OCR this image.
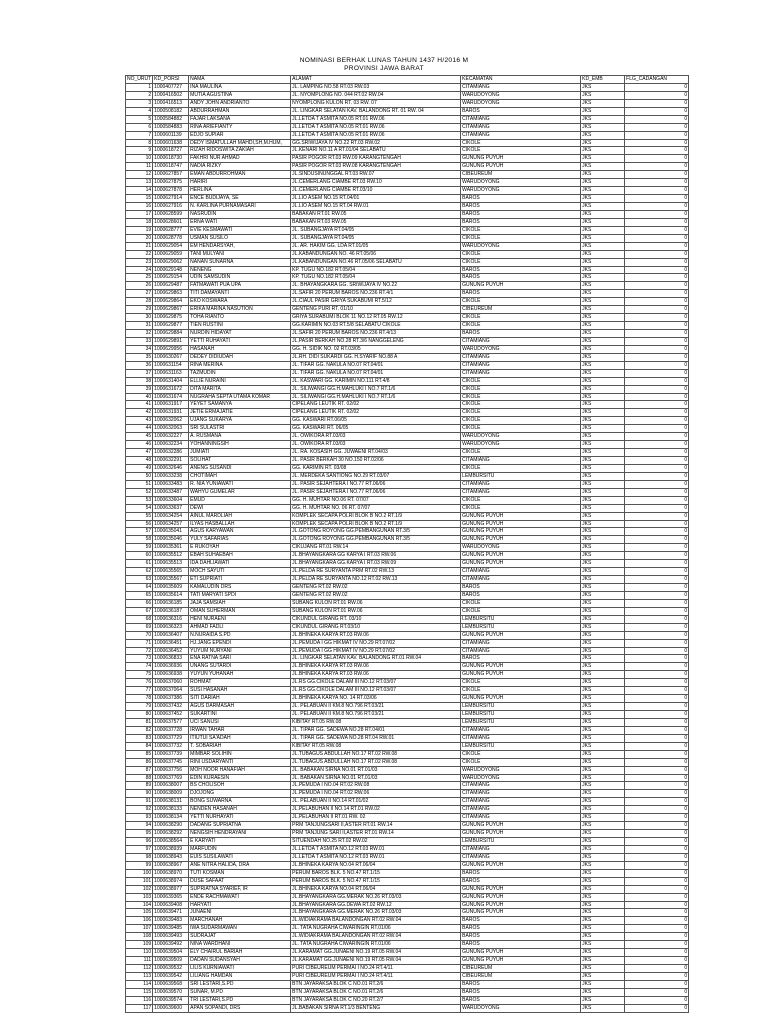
NOMINASI BERHAK LUNAS TAHUN 1437 H/2016 M
PROVINSI JAWA BARAT
NO_URUT	KD_PORSI	NAMA	ALAMAT	KECAMATAN	KD_EMB	FLG_CADANGAN
1	1000407727	INA MAULINA	JL. LAMPING NO.58 RT.03 RW.03	CITAMIANG	JKS	0
2	1000416502	MUTIA AGUSTINA	JL. NYOMPLONG NO. 044 RT.02 RW.04	WARUDOYONG	JKS	0
3	1000416513	ANDY JOHN ANDRIANTO	NYOMPLONG KULON RT. 03 RW. 07	WARUDOYONG	JKS	0
4	1000508182	ABDURRAHMAN	JL. LINGKAR SELATAN KAV. BALANDONG RT. 01 RW. 04	BAROS	JKS	0
5	1000584882	FAJAR LAKSANA	JL.LETDA T ASMITA NO.05 RT.01 RW.06	CITAMIANG	JKS	0
6	1000584883	RINA ARIEFIANTY	JL.LETDA T ASMITA NO.05 RT.01 RW.06	CITAMIANG	JKS	0
7	1000601139	EDJO SUPIAR	JL.LETDA T ASMITA NO.05 RT.01 RW.06	CITAMIANG	JKS	0
8	1000601638	DEDY ISMATULLAH MAHDI,SH,M.HUM,	GG.SRIWIJAYA IV NO.22 RT.03 RW.02	CIKOLE	JKS	0
9	1000618727	RIZAH RIDOSWITA ZAKIAH	JL.KENARI NO.11 A RT.01/04 SELABATU	CIKOLE	JKS	0
10	1000618730	FAKHRI NUR AHMAD	PASIR POGOR RT.03 RW.09 KARANGTENGAH	GUNUNG PUYUH	JKS	0
11	1000618747	NADIA RIZKY	PASIR POGOR RT.03 RW.08 KARANGTENGAH	GUNUNG PUYUH	JKS	0
12	1000627857	EMAN ABDURROHMAN	JL.SINDUSINUNGGAL RT.03 RW.07	CIBEUREUM	JKS	0
13	1000627875	HARIRI	JL.CEMERLANG CIAMBE RT.03 RW.10	WARUDOYONG	JKS	0
14	1000627878	HERLINA	JL.CEMERLANG CIAMBE RT.03/10	WARUDOYONG	JKS	0
15	1000627914	ENCE BUDIJAYA, SE	JL.LIO ASEM NO.15 RT.04/01	BAROS	JKS	0
16	1000627916	N. KARLINA PURNAMASARI	JL.LIO ASEM NO.15 RT.04 RW.01	BAROS	JKS	0
17	1000628599	NASRUDIN	BABAKAN RT.01 RW.05	BAROS	JKS	0
18	1000628601	ERNA WATI	BABAKAN RT.03 RW.05	BAROS	JKS	0
19	1000628777	EVIE KESMAWATI	JL. SUBANGJAYA RT.04/05	CIKOLE	JKS	0
20	1000628778	USMAN SUSILO	JL. SUBANGJAYA RT.04/05	CIKOLE	JKS	0
21	1000629054	EM HENDARSYAH,	JL. AR. HAKIM GG. LDA RT.01/05	WARUDOYONG	JKS	0
22	1000629059	TANI MULYANI	JL.KABANDUNGAN NO. 46 RT.05/06	CIKOLE	JKS	0
23	1000629062	NANAN SUNARNA	JL.KABANDUNGAN NO.46 RT.05/06 SELABATU	CIKOLE	JKS	0
24	1000629148	NENENG	KP. TUGU NO.182 RT.05/04	BAROS	JKS	0
25	1000629154	UDIN SAMSUDIN	KP. TUGU NO.182 RT.05/04	BAROS	JKS	0
26	1000629487	FATMAWATI PUA UPA	JL. BHAYANGKARA GG. SRIWIJAYA IV NO.22	GUNUNG PUYUH	JKS	0
27	1000629863	TITI DAMAYANTI	JL.SAFIR 20 PERUM BAROS NO.236 RT.4/1	BAROS	JKS	0
28	1000629864	EKO KOSWARA	JL.CIAUL PASIR GRIYA SUKABUMI RT.5/12	CIKOLE	JKS	0
29	1000629867	ERIKA MARINA NASUTION	GENTENG PURI RT. 01/10	CIBEUREUM	JKS	0
30	1000629875	TOHA RIANTO	GRIYA SURABUMI BLOK 11 NO.12 RT.05 RW.12	CIKOLE	JKS	0
31	1000629877	TIEN RUSTINI	GG.KARIMIN NO.03 RT.5/8 SELABATU CIKOLE	CIKOLE	JKS	0
32	1000629884	NURDIN HIDAYAT	JL.SAFIR 20 PERUM BAROS NO.236 RT.4/13	BAROS	JKS	0
33	1000629891	YETTI RUHAYATI	JL.PASIR BERKAH NO.28 RT.3/6 NANGGELENG	CITAMIANG	JKS	0
34	1000629956	HASANAH	GG. H. SIDIK NO. 02 RT.03/05	WARUDOYONG	JKS	0
35	1000630267	DEDEY DIDIUDAH	JL.RH. DIDI SUKARDI GG. H.SYARIF NO.88 A	CITAMIANG	JKS	0
36	1000631154	RINA MERINA	JL. TIFAR GG. NAKULA NO.07 RT.04/01	CITAMIANG	JKS	0
37	1000631163	TAZMUDIN	JL. TIFAR GG. NAKULA NO.07 RT.04/01	CITAMIANG	JKS	0
38	1000631404	ELLIE NURAINI	JL. KASWARI GG. KARIMIN NO.111 RT.4/8	CIKOLE	JKS	0
39	1000631672	DITA MARITA	JL. SILIWANGI GG.H.MAHLUKI I NO.7 RT.1/6	CIKOLE	JKS	0
40	1000631674	NUGRAHA SEPTA UTAMA KOMAR	JL. SILIWANGI GG.H.MAHLUKI I NO.7 RT.1/6	CIKOLE	JKS	0
41	1000631917	YEYET SAMANYA	CIPELANG LEUTIK RT. 02/02	CIKOLE	JKS	0
42	1000631931	JETIE ERMAJATIE	CIPELANG LEUTIK RT. 02/02	CIKOLE	JKS	0
43	1000632062	UJANG SUKARYA	GG. KASWARI RT.06/05	CIKOLE	JKS	0
44	1000632063	SRI SULASTRI	GG. KASWARI RT. 06/05	CIKOLE	JKS	0
45	1000632227	A. RUSMANA	JL. OWIKORA RT.03/03	WARUDOYONG	JKS	0
46	1000632234	YOHANNINGSIH	JL. OWIKORA RT.03/03	WARUDOYONG	JKS	0
47	1000632286	JUMIATI	JL. RA. KOSASIH GG. JUWAENI RT.04/03	CIKOLE	JKS	0
48	1000632291	SOLIHAT	JL. PASIR BERKAH 30 NO.150 RT.02/06	CITAMIANG	JKS	0
49	1000632646	ANENG SUSANDI	GG. KARIMIN RT. 03/08	CIKOLE	JKS	0
50	1000633238	CHOTIMAH	JL. MERDEKA SANTIONG NO.29 RT.03/07	LEMBURSITU	JKS	0
51	1000633483	R. NIA YUNIAWATI	JL. PASIR SEJAHTERA I NO.77 RT.06/06	CITAMIANG	JKS	0
52	1000633487	WAHYU GUMELAR	JL. PASIR SEJAHTERA I NO.77 RT.06/06	CITAMIANG	JKS	0
53	1000633604	EMUD	GG. H. MUHTAR NO.06 RT. 07/07	CIKOLE	JKS	0
54	1000633637	DEWI	GG. H. MUHTAR NO. 06 RT. 07/07	CIKOLE	JKS	0
55	1000634254	AINUL MARDLIAH	KOMPLEK SECAPA POLRI BLOK B NO.2 RT.1/9	GUNUNG PUYUH	JKS	0
56	1000634257	ILYAS HASBALLAH	KOMPLEK SECAPA POLRI BLOK B NO.2 RT.1/9	GUNUNG PUYUH	JKS	0
57	1000635041	AGUS KARYAWAN	JL.GOTONG ROYONG GG.PEMBANGUNAN RT.3/5	GUNUNG PUYUH	JKS	0
58	1000635046	YULY SAFARIAS	JL.GOTONG ROYONG GG.PEMBANGUNAN RT.3/5	GUNUNG PUYUH	JKS	0
59	1000635361	E RUKOYAH	CIKUJANG RT.01 RW.14	WARUDOYONG	JKS	0
60	1000635512	EBAH SUHAEBAH	JL.BHAYANGKARA GG KARYA I RT.03 RW.06	GUNUNG PUYUH	JKS	0
61	1000635513	IDA DAHLIAWATI	JL.BHAYANGKARA GG.KARYA I RT.03 RW.09	GUNUNG PUYUH	JKS	0
62	1000635565	MOCH SAYUTI	JL.PELDA RE SURYANTA PRM RT.02 RW.13	CITAMIANG	JKS	0
63	1000635567	ETI SUPRIATI	JL.PELDA RE SURYANTA NO.12 RT.02 RW.13	CITAMIANG	JKS	0
64	1000635609	KAMALUDIN DRS	GENTENG RT.02 RW.02	BAROS	JKS	0
65	1000635614	TATI MARYATI SPDI	GENTENG RT.02 RW.02	BAROS	JKS	0
66	1000636185	JAJA SAMSIAH	SUBANG KULON RT.01 RW.06	CIKOLE	JKS	0
67	1000636187	OMAN SUHERMAN	SUBANG KULON RT.01 RW.06	CIKOLE	JKS	0
68	1000636316	HENI NURAENI	CIKUNDUL GIRANG RT. 03/10	LEMBURSITU	JKS	0
69	1000636323	AHMAD FADLI	CIKUNDUL GIRANG RT.03/10	LEMBURSITU	JKS	0
70	1000636407	N.NURAIDA S.PD	JL.BHINEKA KARYA RT.03 RW.06	GUNUNG PUYUH	JKS	0
71	1000636451	HJ.JANG EPENDI	JL.PEMUDA I GG HIKMAT IV NO.29 RT.07/02	CITAMIANG	JKS	0
72	1000636452	YUYUM NURYANI	JL.PEMUDA I GG HIKMAT IV NO.29 RT.07/02	CITAMIANG	JKS	0
73	1000636833	ENA RATNA SARI	JL. LINGKAR SELATAN KAV. BALANDONG RT.01 RW.04	BAROS	JKS	0
74	1000636936	UNANG SUTARDI	JL.BHINEKA KARYA RT.03 RW.06	GUNUNG PUYUH	JKS	0
75	1000636938	YUYUN YUHANAH	JL.BHINEKA KARYA RT.03 RW.06	GUNUNG PUYUH	JKS	0
76	1000637060	ROHMAT	JL.RS GG.CIKOLE DALAM III NO.12 RT.03/07	CIKOLE	JKS	0
77	1000637064	SUSI HASANAH	JL.RS GG.CIKOLE DALAM III NO.12 RT.03/07	CIKOLE	JKS	0
78	1000637386	SITI DARIAH	JL.BHINEKA KARYA NO. 14 RT.03/06	GUNUNG PUYUH	JKS	0
79	1000637432	AGUS DARMASAH	JL. PELABUAN II KM.8 NO.796 RT.03/21	LEMBURSITU	JKS	0
80	1000637452	SUKARTINI	JL. PELABUAN II KM.8 NO.796 RT.03/21	LEMBURSITU	JKS	0
81	1000637577	UCI SANUSI	KIBITAY RT.05 RW.08	LEMBURSITU	JKS	0
82	1000637728	IRWAN TAHAR	JL. TIPAR GG. SADEWA NO.28 RT.04/01	CITAMIANG	JKS	0
83	1000637729	ITIUTUI SA'ADAH	JL. TIPAR GG. SADEWA NO.28 RT.04 RW.01	CITAMIANG	JKS	0
84	1000637732	T. SOBARIAH	KIBITAY RT.05 RW.08	LEMBURSITU	JKS	0
85	1000637739	MIMBAR SOLIHIN	JL.TUBAGUS ABDULLAH NO.17 RT.02 RW.08	CIKOLE	JKS	0
86	1000637745	RINI USDARYANTI	JL.TUBAGUS ABDULLAH NO.17 RT.02 RW.08	CIKOLE	JKS	0
87	1000637756	MOH NOOR HANAFIAH	JL. BABAKAN SIRNA NO.01 RT.01/03	WARUDOYONG	JKS	0
88	1000637769	EDIN KURAESIN	JL. BABAKAN SIRNA NO.01 RT.01/03	WARUDOYONG	JKS	0
89	1000638007	BS CHOLISOH	JL.PEMUDA I NO.04 RT.02 RW.08	CITAMIANG	JKS	0
90	1000638009	DJOJONG	JL.PEMUDA I NO.04 RT.02 RW.06	CITAMIANG	JKS	0
91	1000638131	BONG SUWARNA	JL. PELABUAN II NO.14 RT.01/02	CITAMIANG	JKS	0
92	1000638133	NENDEN HASANAH	JL.PELABUHAN II NO.14 RT.01 RW.02	CITAMIANG	JKS	0
93	1000638134	YETTI NURHAYATI	JL.PELABUHAN II RT.01 RW. 02	CITAMIANG	JKS	0
94	1000638290	DADANG SUPRIATNA	PRM TANJUNGSARI II,ASTER RT.01 RW.14	GUNUNG PUYUH	JKS	0
95	1000638292	NENGSIH HENDRAYANI	PRM TANJUNG SARI II,ASTER RT.01 RW.14	GUNUNG PUYUH	JKS	0
96	1000638564	E KARYATI	SITUENDAH NO.25 RT.02 RW.02	LEMBURSITU	JKS	0
97	1000638939	MARFUDIN	JL.LETDA T ASMITA NO.12 RT.03 RW.01	CITAMIANG	JKS	0
98	1000638943	EUIS SUSILAWATI	JL.LETDA T ASMITA NO.12 RT.03 RW.01	CITAMIANG	JKS	0
99	1000638967	ANE NITRA HALIDA, DRA	JL.BHINEKA KARYA NO.04 RT.06/04	GUNUNG PUYUH	JKS	0
100	1000638970	TUTI KOSMAN	PERUM BAROS BLK. 5 NO.47 RT.1/15	BAROS	JKS	0
101	1000638974	DUSE SAFAAT	PERUM BAROS BLK. 5 NO.47 RT.1/15	BAROS	JKS	0
102	1000638977	SUPRIATNA SYARIEF, IR	JL.BHINEKA KARYA NO.04 RT.06/04	GUNUNG PUYUH	JKS	0
103	1000639365	ENDE RACHMAWATI	JL.BHAYANGKARA GG.MERAK NO.26 RT.03/03	GUNUNG PUYUH	JKS	0
104	1000639408	HARYATI	JL.BHAYANGKARA GG.DEWA RT.02 RW.12	GUNUNG PUYUH	JKS	0
105	1000639471	JUNAENI	JL.BHAYANGKARA GG.MERAK NO.26 RT.03/03	GUNUNG PUYUH	JKS	0
106	1000639483	MARCHANAH	JL.WIDIAKRAMA BALANDONGAN RT.02 RW.04	BAROS	JKS	0
107	1000639485	IWA SUDARMAWAN	JL. TATA NUGRAHA CIWARINGIN RT.01/06	BAROS	JKS	0
108	1000639493	SUDRAJAT	JL.WIDIAKRAMA BALANDONGAN RT.02 RW.04	BAROS	JKS	0
109	1000639492	NINA WARDHANI	JL. TATA NUGRAHA CIWARINGIN RT.01/06	BAROS	JKS	0
110	1000639504	ELY CHAIRUL BARIAH	JL.KARAMAT GG.JUNAENI NO.19 RT.05 RW.04	GUNUNG PUYUH	JKS	0
111	1000639509	DADAN SUDANSYAH	JL.KARAMAT GG.JUNAENI NO.19 RT.05 RW.04	GUNUNG PUYUH	JKS	0
112	1000639532	LILIS KURNIAWATI	PURI CIBEUREUM PERMAI I NO.24 RT.4/11	CIBEUREUM	JKS	0
113	1000639542	LILIANG HAMDAN	PURI CIBEUREUM PERMAI I NO.24 RT.4/11	CIBEUREUM	JKS	0
114	1000639568	SRI LESTARI,S.PD	BTN JAYARAKSA BLOK C NO.01 RT.2/6	BAROS	JKS	0
115	1000639570	SUNAR, M.PD	BTN JAYARAKSA BLOK C NO.01 RT.2/6	BAROS	JKS	0
116	1000639574	TRI LESTARI,S.PD	BTN JAYARAKSA BLOK C NO.20 RT.2/7	BAROS	JKS	0
117	1000639600	APAN SOPANDI, DRS	JL.BABAKAN SIRNA RT.1/3 BENTENG	WARUDOYONG	JKS	0
